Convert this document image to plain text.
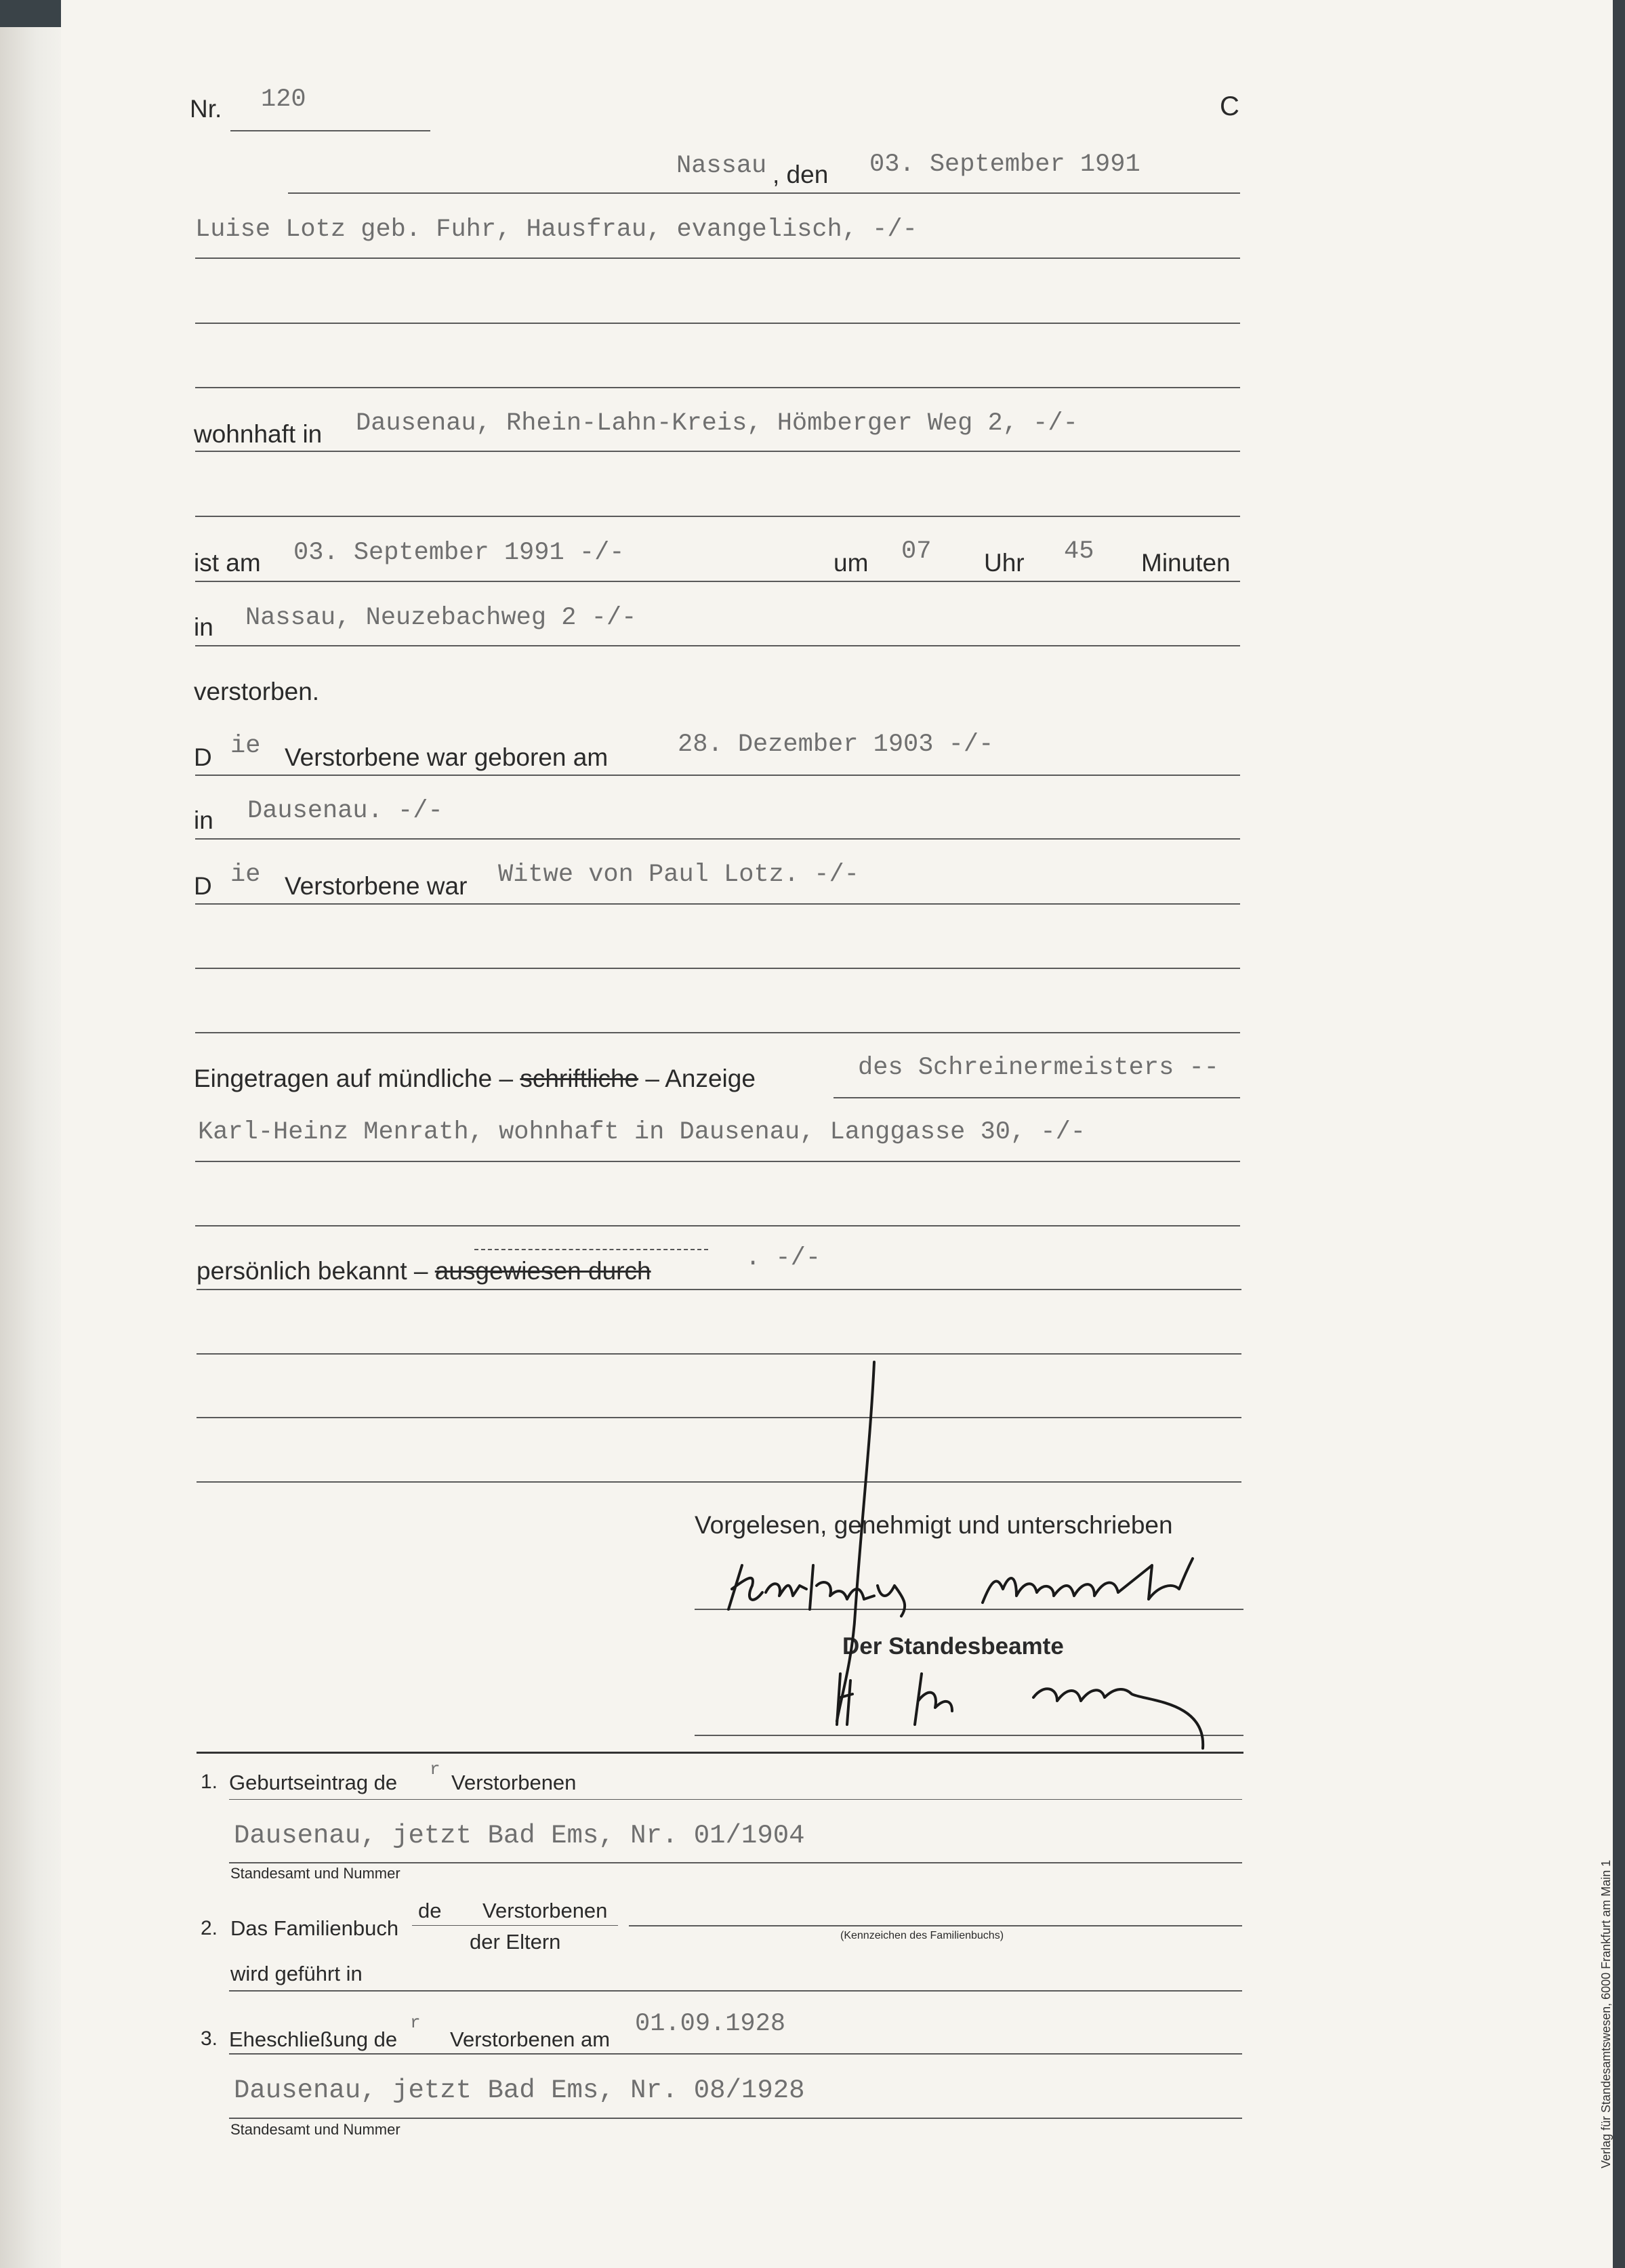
Nr. 120	C
Nassau , den 03. September 1991
Luise Lotz geb. Fuhr, Hausfrau, evangelisch, -/-
wohnhaft in Dausenau, Rhein-Lahn-Kreis, Hömberger Weg 2, -/-
ist am 03. September 1991 -/-	um 07 Uhr 45 Minuten
in Nassau, Neuzebachweg 2 -/-
verstorben.
D ie Verstorbene war geboren am	28. Dezember 1903 -/-
in Dausenau. -/-
D ie Verstorbene war Witwe von Paul Lotz. -/-
Eingetragen auf mündliche – schriftliche – Anzeige	des Schreinermeisters --
Karl-Heinz Menrath, wohnhaft in Dausenau, Langgasse 30, -/-
persönlich bekannt – ausgewiesen durch	. -/-
Vorgelesen, genehmigt und unterschrieben
Der Standesbeamte
1. Geburtseintrag de
r
Verstorbenen
Dausenau, jetzt Bad Ems, Nr. 01/1904
Standesamt und Nummer
2. Das Familienbuch
de Verstorbenen
der Eltern	(Kennzeichen des Familienbuchs)
wird geführt in
3. Eheschließung de
r
Verstorbenen am
01.09.1928
Dausenau, jetzt Bad Ems, Nr. 08/1928
Standesamt und Nummer	Verlag für Standesamtswesen, 6000 Frankfurt am Main 1
